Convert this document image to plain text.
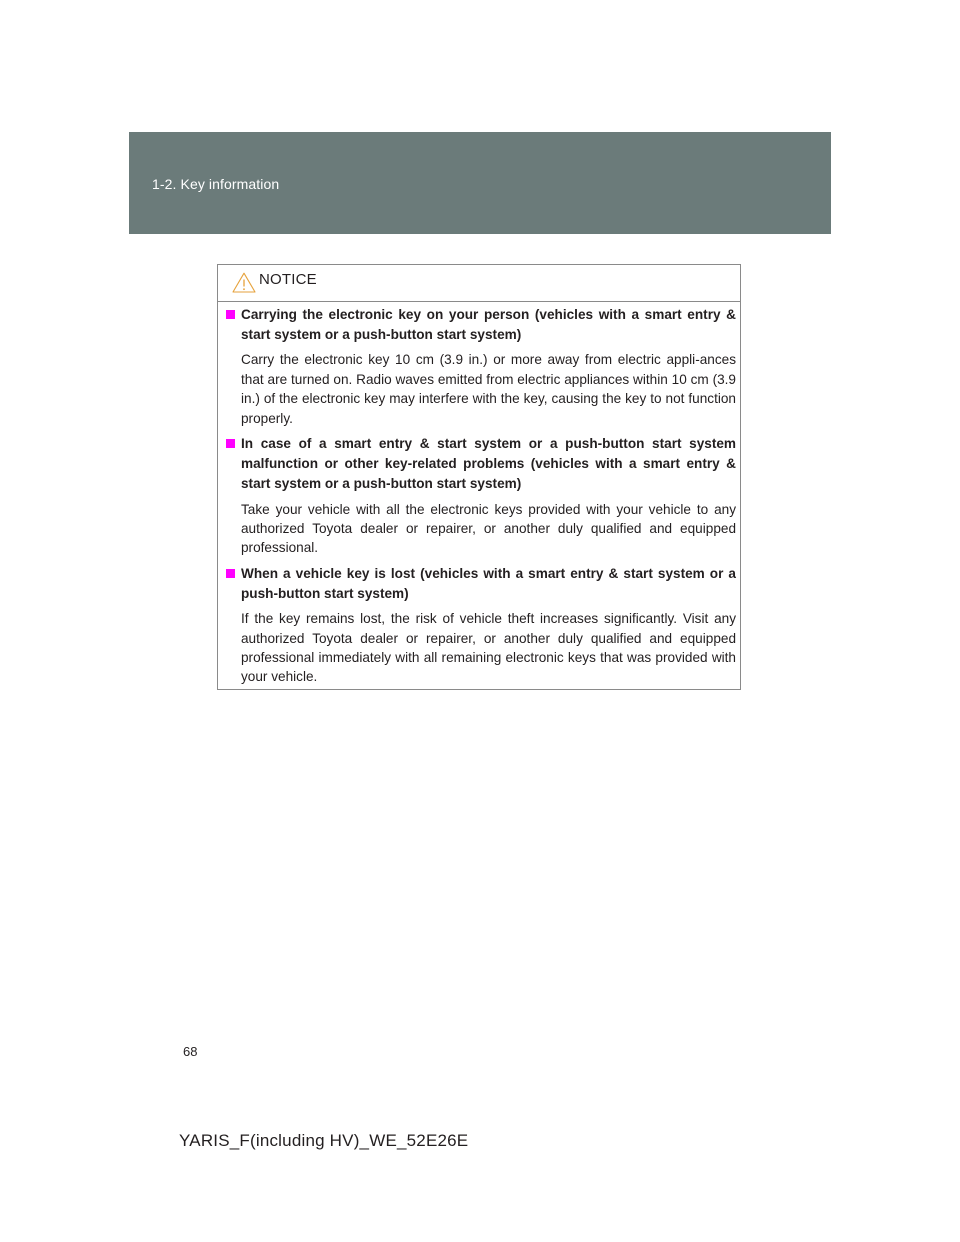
1-2. Key information
NOTICE
Carrying the electronic key on your person (vehicles with a smart entry & start system or a push-button start system)
Carry the electronic key 10 cm (3.9 in.) or more away from electric appli-ances that are turned on. Radio waves emitted from electric appliances within 10 cm (3.9 in.) of the electronic key may interfere with the key, causing the key to not function properly.
In case of a smart entry & start system or a push-button start system malfunction or other key-related problems (vehicles with a smart entry & start system or a push-button start system)
Take your vehicle with all the electronic keys provided with your vehicle to any authorized Toyota dealer or repairer, or another duly qualified and equipped professional.
When a vehicle key is lost (vehicles with a smart entry & start system or a push-button start system)
If the key remains lost, the risk of vehicle theft increases significantly. Visit any authorized Toyota dealer or repairer, or another duly qualified and equipped professional immediately with all remaining electronic keys that was provided with your vehicle.
68
YARIS_F(including HV)_WE_52E26E
